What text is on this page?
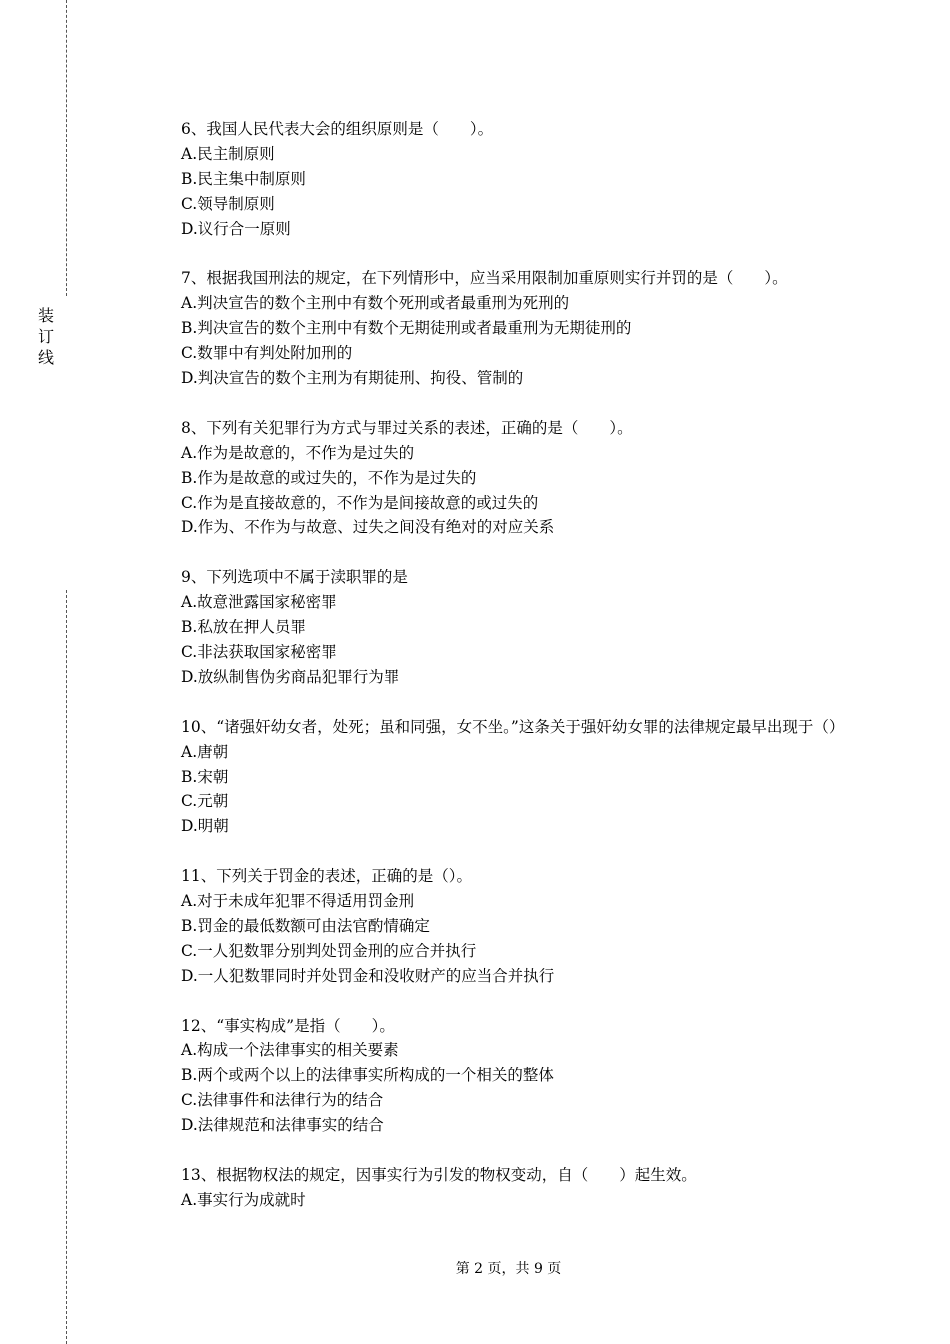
装
订
线

6、我国人民代表大会的组织原则是（　　）。

A.民主制原则

B.民主集中制原则

C.领导制原则

D.议行合一原则

7、根据我国刑法的规定，在下列情形中，应当采用限制加重原则实行并罚的是（　　）。

A.判决宣告的数个主刑中有数个死刑或者最重刑为死刑的

B.判决宣告的数个主刑中有数个无期徒刑或者最重刑为无期徒刑的

C.数罪中有判处附加刑的

D.判决宣告的数个主刑为有期徒刑、拘役、管制的

8、下列有关犯罪行为方式与罪过关系的表述，正确的是（　　）。

A.作为是故意的，不作为是过失的

B.作为是故意的或过失的，不作为是过失的

C.作为是直接故意的，不作为是间接故意的或过失的

D.作为、不作为与故意、过失之间没有绝对的对应关系

9、下列选项中不属于渎职罪的是

A.故意泄露国家秘密罪

B.私放在押人员罪

C.非法获取国家秘密罪

D.放纵制售伪劣商品犯罪行为罪

10、“诸强奸幼女者，处死；虽和同强，女不坐。”这条关于强奸幼女罪的法律规定最早出现于（）

A.唐朝

B.宋朝

C.元朝

D.明朝

11、下列关于罚金的表述，正确的是（）。

A.对于未成年犯罪不得适用罚金刑

B.罚金的最低数额可由法官酌情确定

C.一人犯数罪分别判处罚金刑的应合并执行

D.一人犯数罪同时并处罚金和没收财产的应当合并执行

12、“事实构成”是指（　　）。

A.构成一个法律事实的相关要素

B.两个或两个以上的法律事实所构成的一个相关的整体

C.法律事件和法律行为的结合

D.法律规范和法律事实的结合

13、根据物权法的规定，因事实行为引发的物权变动，自（　　）起生效。

A.事实行为成就时

第 2 页，共 9 页
